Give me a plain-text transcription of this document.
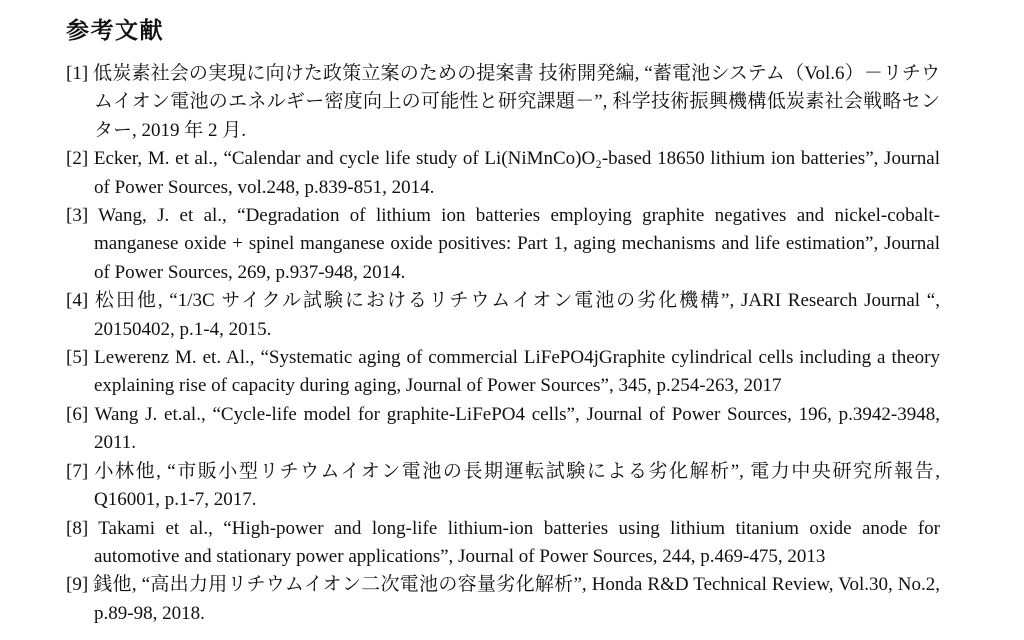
参考文献

[1] 低炭素社会の実現に向けた政策立案のための提案書 技術開発編, “蓄電池システム（Vol.6）－リチウムイオン電池のエネルギー密度向上の可能性と研究課題－”, 科学技術振興機構低炭素社会戦略センター, 2019 年 2 月.

[2] Ecker, M. et al., “Calendar and cycle life study of Li(NiMnCo)O₂-based 18650 lithium ion batteries”, Journal of Power Sources, vol.248, p.839-851, 2014.

[3] Wang, J. et al., “Degradation of lithium ion batteries employing graphite negatives and nickel-cobalt-manganese oxide + spinel manganese oxide positives: Part 1, aging mechanisms and life estimation”, Journal of Power Sources, 269, p.937-948, 2014.

[4] 松田他, “1/3C サイクル試験におけるリチウムイオン電池の劣化機構”, JARI Research Journal “, 20150402, p.1-4, 2015.

[5] Lewerenz M. et. Al., “Systematic aging of commercial LiFePO4jGraphite cylindrical cells including a theory explaining rise of capacity during aging, Journal of Power Sources”, 345, p.254-263, 2017

[6] Wang J. et.al., “Cycle-life model for graphite-LiFePO4 cells”, Journal of Power Sources, 196, p.3942-3948, 2011.

[7] 小林他, “市販小型リチウムイオン電池の長期運転試験による劣化解析”, 電力中央研究所報告, Q16001, p.1-7, 2017.

[8] Takami et al., “High-power and long-life lithium-ion batteries using lithium titanium oxide anode for automotive and stationary power applications”, Journal of Power Sources, 244, p.469-475, 2013

[9] 銭他, “高出力用リチウムイオン二次電池の容量劣化解析”, Honda R&D Technical Review, Vol.30, No.2, p.89-98, 2018.
